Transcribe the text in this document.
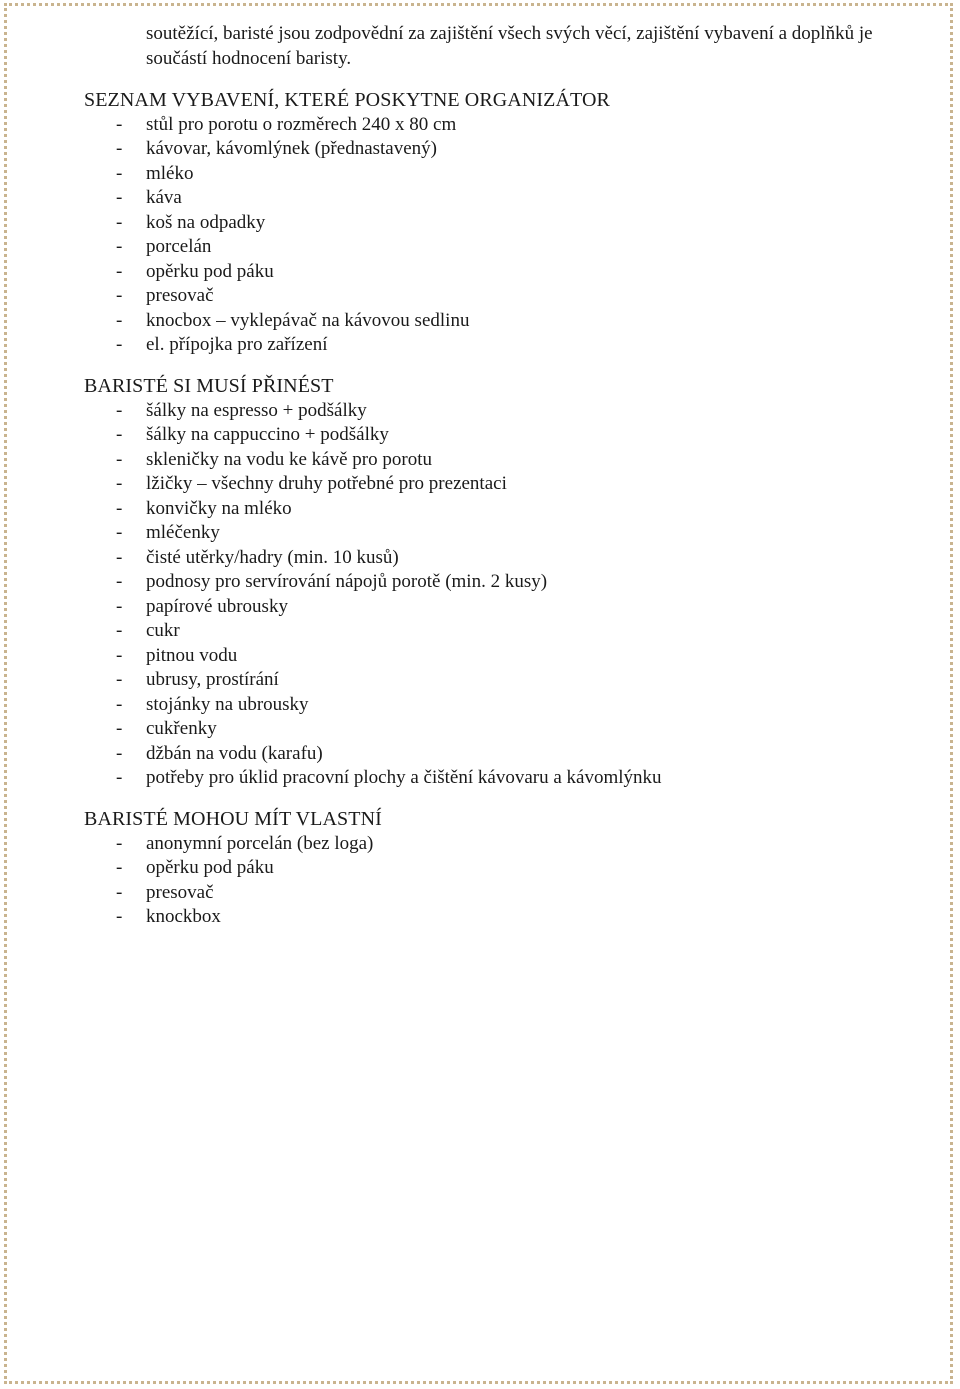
soutěžící, baristé jsou zodpovědní za zajištění všech svých věcí, zajištění vybavení a doplňků je součástí hodnocení baristy.
SEZNAM VYBAVENÍ, KTERÉ POSKYTNE ORGANIZÁTOR
- stůl pro porotu o rozměrech 240 x 80 cm
- kávovar, kávomlýnek (přednastavený)
- mléko
- káva
- koš na odpadky
- porcelán
- opěrku pod páku
- presovač
- knocbox – vyklepávač na kávovou sedlinu
- el. přípojka pro zařízení
BARISTÉ SI MUSÍ PŘINÉST
- šálky na espresso + podšálky
- šálky na cappuccino + podšálky
- skleničky na vodu ke kávě pro porotu
- lžičky – všechny druhy potřebné pro prezentaci
- konvičky na mléko
- mléčenky
- čisté utěrky/hadry (min. 10 kusů)
- podnosy pro servírování nápojů porotě (min. 2 kusy)
- papírové ubrousky
- cukr
- pitnou vodu
- ubrusy, prostírání
- stojánky na ubrousky
- cukřenky
- džbán na vodu (karafu)
- potřeby pro úklid pracovní plochy a čištění kávovaru a kávomlýnku
BARISTÉ MOHOU MÍT VLASTNÍ
- anonymní porcelán (bez loga)
- opěrku pod páku
- presovač
- knockbox
